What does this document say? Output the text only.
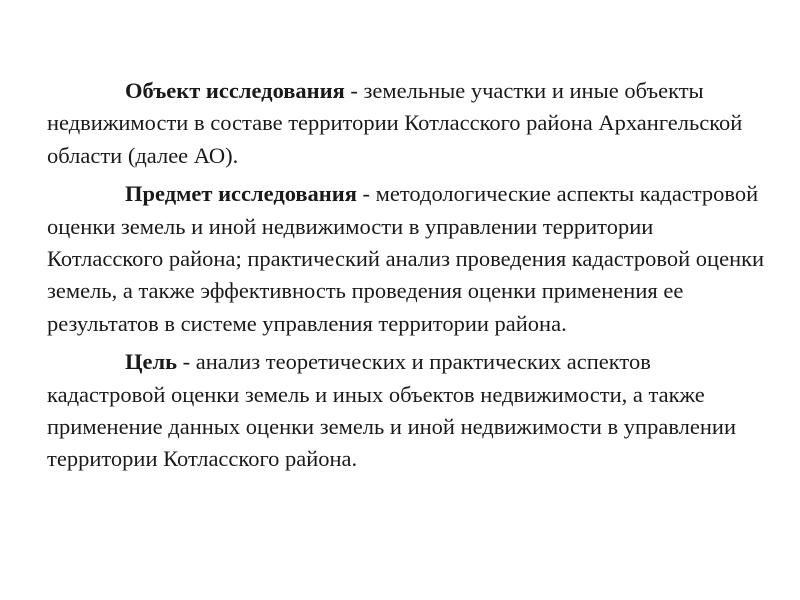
Объект исследования - земельные участки и иные объекты недвижимости в составе территории Котласского района Архангельской области (далее АО).

Предмет исследования - методологические аспекты кадастровой оценки земель и иной недвижимости в управлении территории Котласского района; практический анализ проведения кадастровой оценки земель, а также эффективность проведения оценки применения ее результатов в системе управления территории района.

Цель - анализ теоретических и практических аспектов кадастровой оценки земель и иных объектов недвижимости, а также применение данных оценки земель и иной недвижимости в управлении территории Котласского района.
